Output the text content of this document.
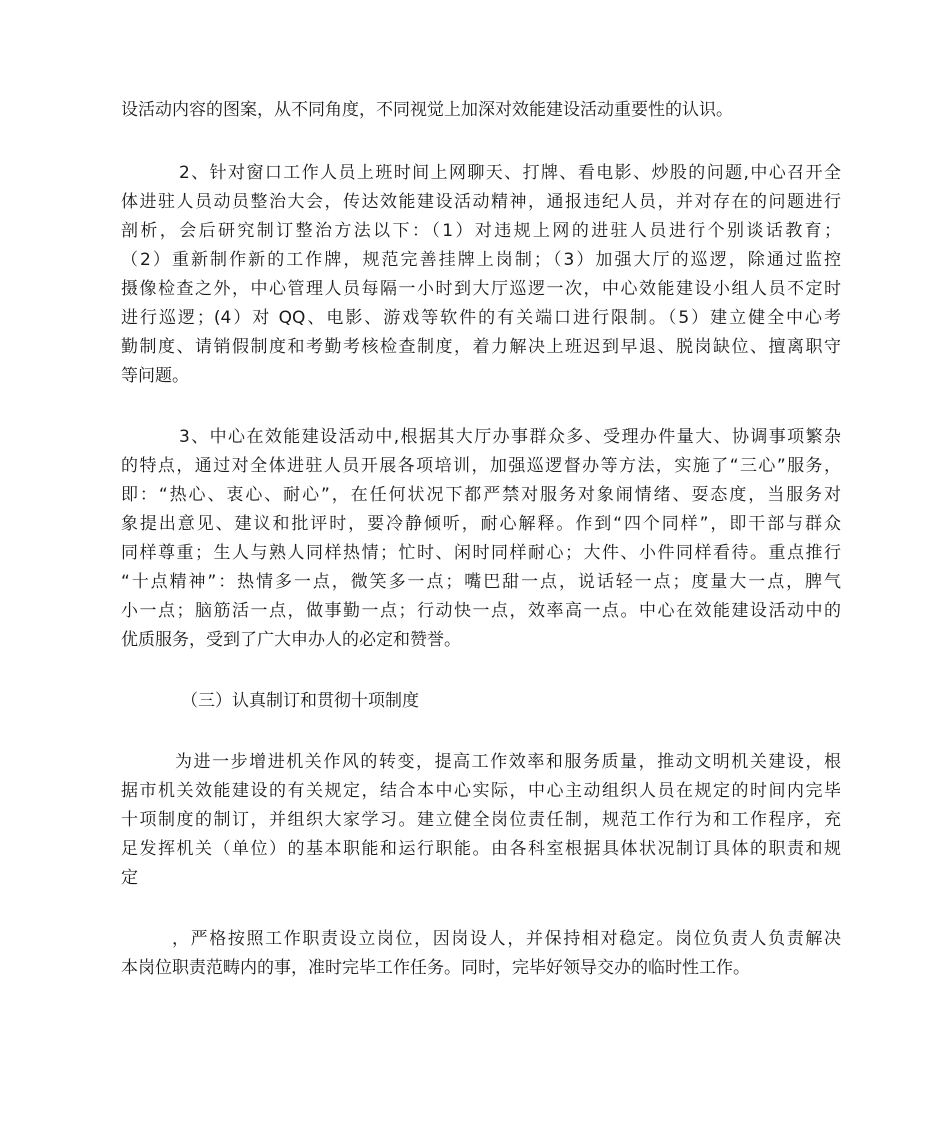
设活动内容的图案，从不同角度，不同视觉上加深对效能建设活动重要性的认识。
2、针对窗口工作人员上班时间上网聊天、打牌、看电影、炒股的问题,中心召开全
体进驻人员动员整治大会，传达效能建设活动精神，通报违纪人员，并对存在的问题进行
剖析，会后研究制订整治方法以下：（1）对违规上网的进驻人员进行个别谈话教育；
（2）重新制作新的工作牌，规范完善挂牌上岗制；（3）加强大厅的巡逻，除通过监控
摄像检查之外，中心管理人员每隔一小时到大厅巡逻一次，中心效能建设小组人员不定时
进行巡逻；(4）对 QQ、电影、游戏等软件的有关端口进行限制。（5）建立健全中心考
勤制度、请销假制度和考勤考核检查制度，着力解决上班迟到早退、脱岗缺位、擅离职守
等问题。
3、中心在效能建设活动中,根据其大厅办事群众多、受理办件量大、协调事项繁杂
的特点，通过对全体进驻人员开展各项培训，加强巡逻督办等方法，实施了“三心”服务，
即：“热心、衷心、耐心”，在任何状况下都严禁对服务对象闹情绪、耍态度，当服务对
象提出意见、建议和批评时，要冷静倾听，耐心解释。作到“四个同样”，即干部与群众
同样尊重；生人与熟人同样热情；忙时、闲时同样耐心；大件、小件同样看待。重点推行
“十点精神”：热情多一点，微笑多一点；嘴巴甜一点，说话轻一点；度量大一点，脾气
小一点；脑筋活一点，做事勤一点；行动快一点，效率高一点。中心在效能建设活动中的
优质服务，受到了广大申办人的必定和赞誉。
（三）认真制订和贯彻十项制度
为进一步增进机关作风的转变，提高工作效率和服务质量，推动文明机关建设，根
据市机关效能建设的有关规定，结合本中心实际，中心主动组织人员在规定的时间内完毕
十项制度的制订，并组织大家学习。建立健全岗位责任制，规范工作行为和工作程序，充
足发挥机关（单位）的基本职能和运行职能。由各科室根据具体状况制订具体的职责和规
定
，严格按照工作职责设立岗位，因岗设人，并保持相对稳定。岗位负责人负责解决
本岗位职责范畴内的事，准时完毕工作任务。同时，完毕好领导交办的临时性工作。
